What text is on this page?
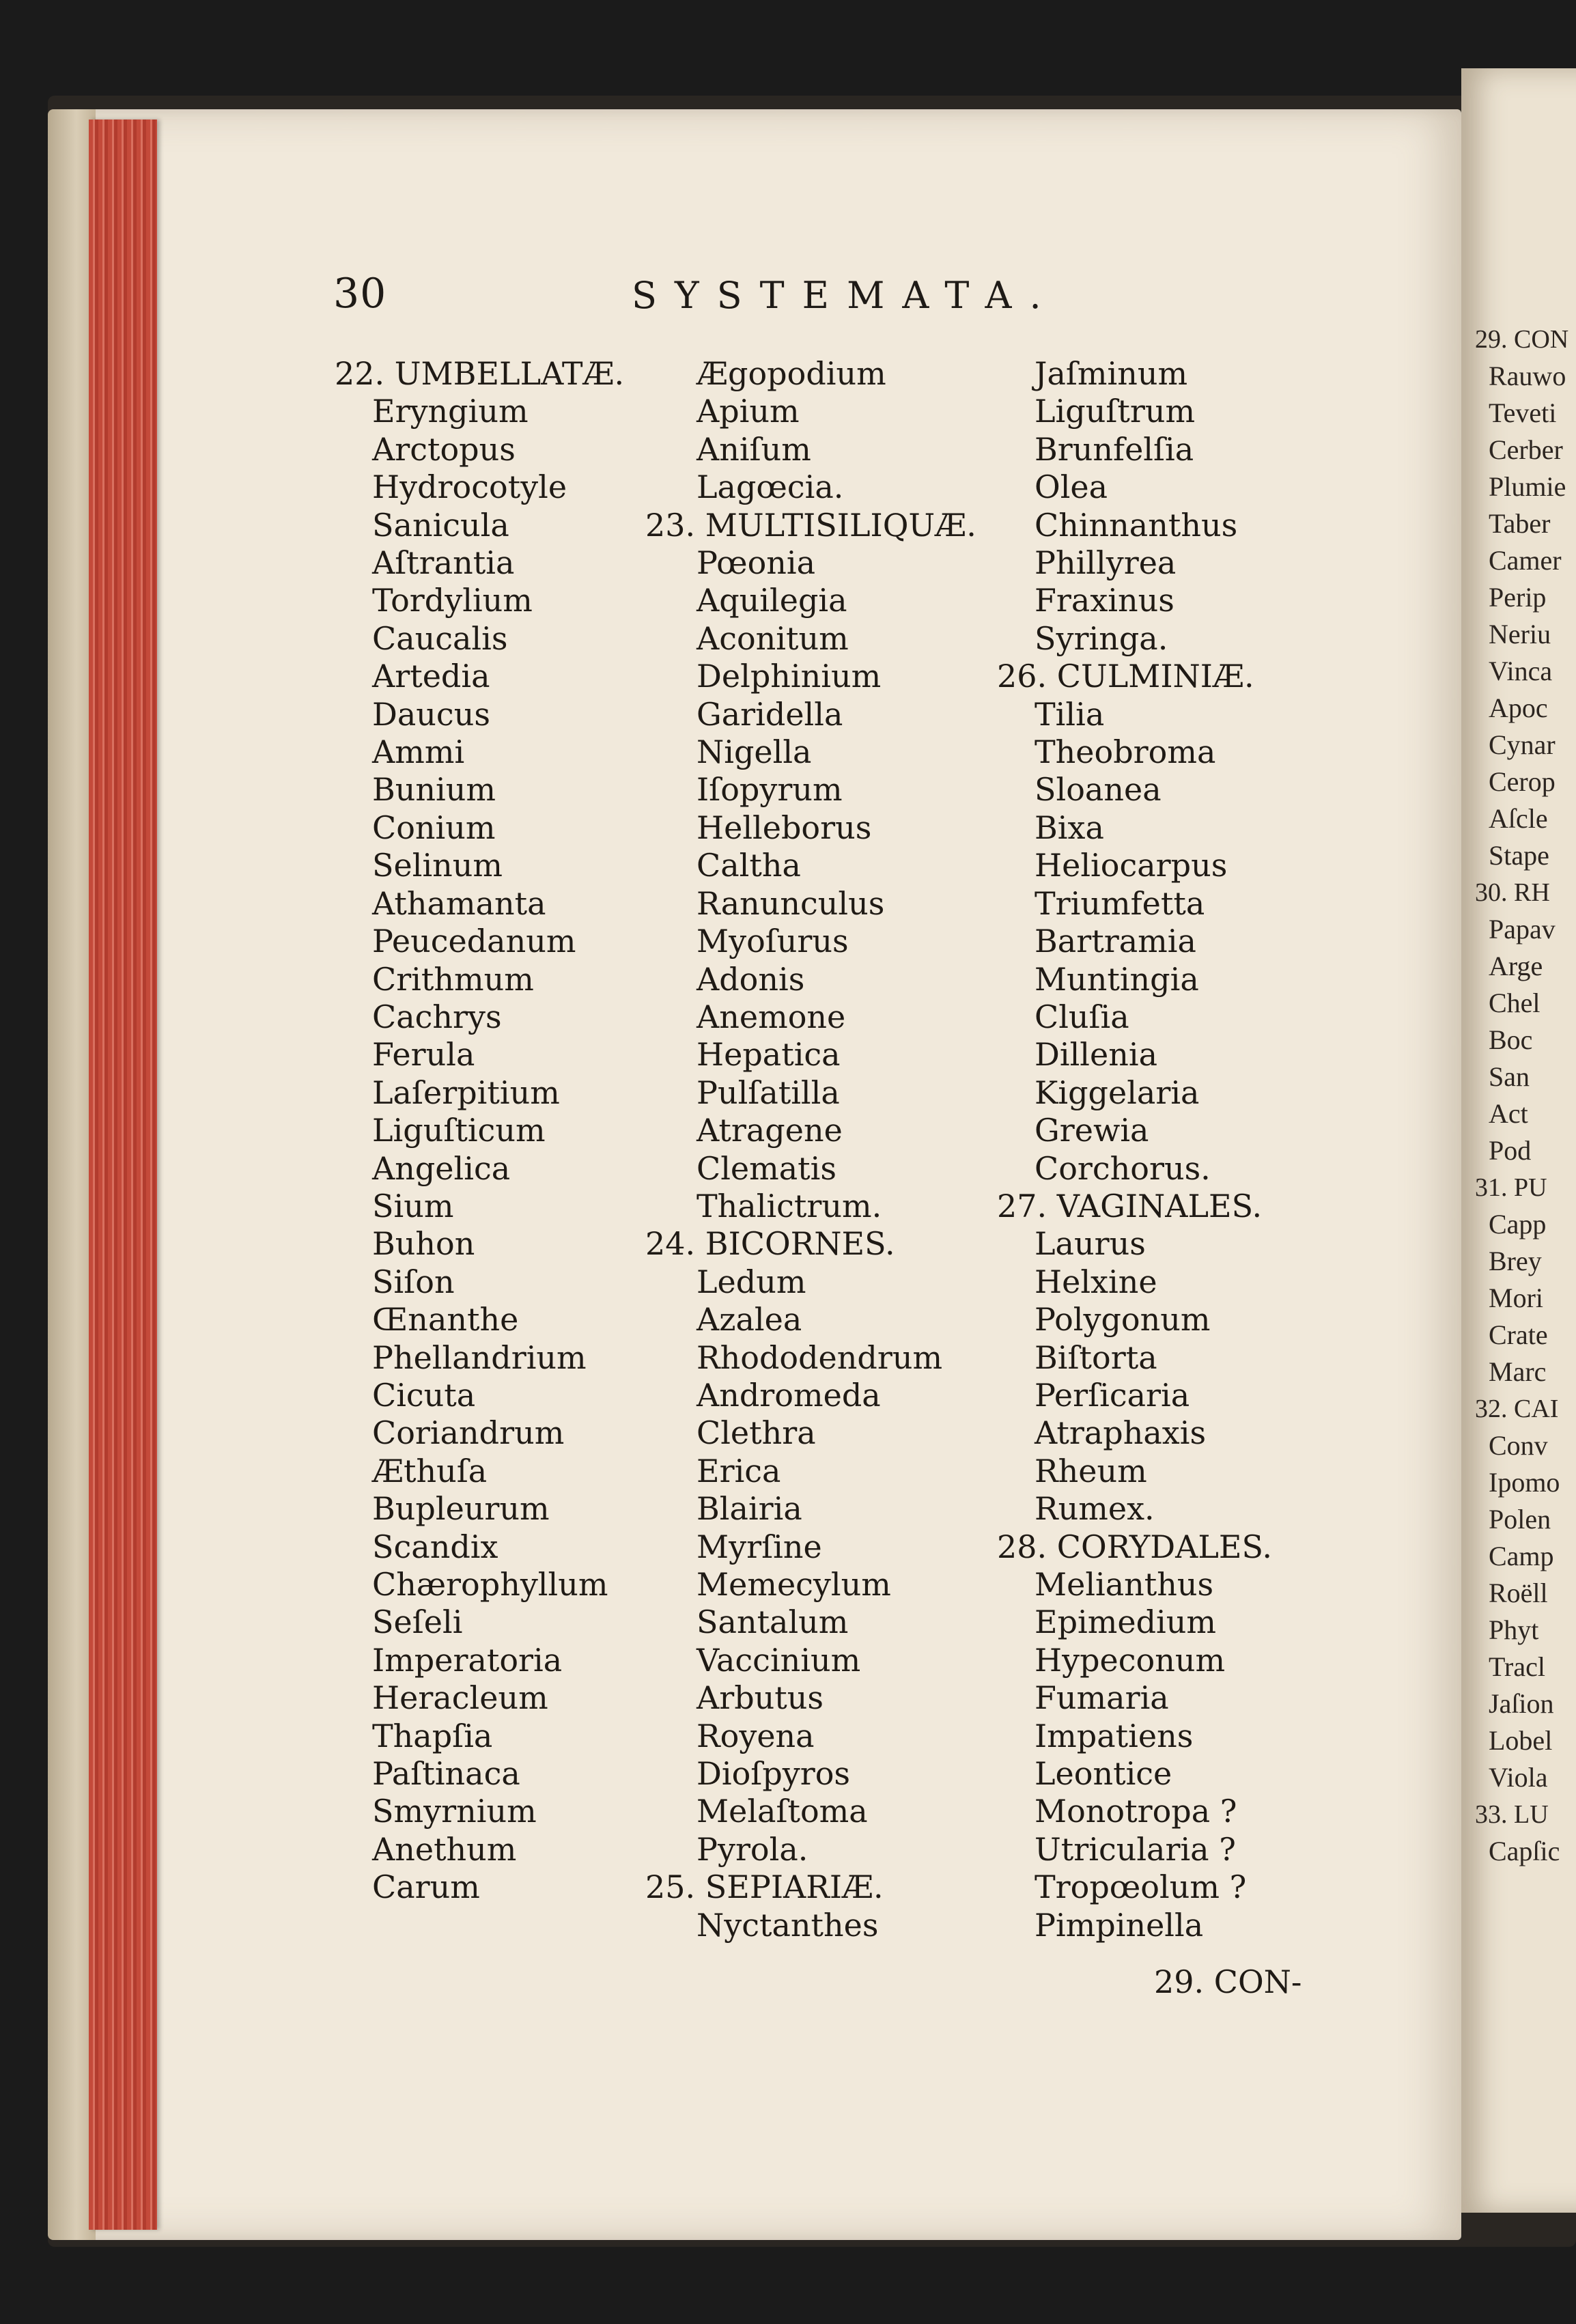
29. CON
Rauwo
Teveti
Cerber
Plumie
Taber
Camer
Perip
Neriu
Vinca
Apoc
Cynar
Cerop
Aſcle
Stape
30. RH
Papav
Arge
Chel
Boc
San
Act
Pod
31. PU
Capp
Brey
Mori
Crate
Marc
32. CAI
Conv
Ipomo
Polen
Camp
Roëll
Phyt
Tracl
Jaſion
Lobel
Viola
33. LU
Capſic
30	SYSTEMATA.
22. UMBELLATÆ.
Eryngium
Arctopus
Hydrocotyle
Sanicula
Aſtrantia
Tordylium
Caucalis
Artedia
Daucus
Ammi
Bunium
Conium
Selinum
Athamanta
Peucedanum
Crithmum
Cachrys
Ferula
Laſerpitium
Liguſticum
Angelica
Sium
Buhon
Siſon
Œnanthe
Phellandrium
Cicuta
Coriandrum
Æthuſa
Bupleurum
Scandix
Chærophyllum
Seſeli
Imperatoria
Heracleum
Thapſia
Paſtinaca
Smyrnium
Anethum
Carum
Ægopodium
Apium
Aniſum
Lagœcia.
23. MULTISILIQUÆ.
Pœonia
Aquilegia
Aconitum
Delphinium
Garidella
Nigella
Iſopyrum
Helleborus
Caltha
Ranunculus
Myoſurus
Adonis
Anemone
Hepatica
Pulſatilla
Atragene
Clematis
Thalictrum.
24. BICORNES.
Ledum
Azalea
Rhododendrum
Andromeda
Clethra
Erica
Blairia
Myrſine
Memecylum
Santalum
Vaccinium
Arbutus
Royena
Dioſpyros
Melaſtoma
Pyrola.
25. SEPIARIÆ.
Nyctanthes
Jaſminum
Liguſtrum
Brunfelſia
Olea
Chinnanthus
Phillyrea
Fraxinus
Syringa.
26. CULMINIÆ.
Tilia
Theobroma
Sloanea
Bixa
Heliocarpus
Triumfetta
Bartramia
Muntingia
Cluſia
Dillenia
Kiggelaria
Grewia
Corchorus.
27. VAGINALES.
Laurus
Helxine
Polygonum
Biſtorta
Perſicaria
Atraphaxis
Rheum
Rumex.
28. CORYDALES.
Melianthus
Epimedium
Hypeconum
Fumaria
Impatiens
Leontice
Monotropa ?
Utricularia ?
Tropœolum ?
Pimpinella
29. CON-
